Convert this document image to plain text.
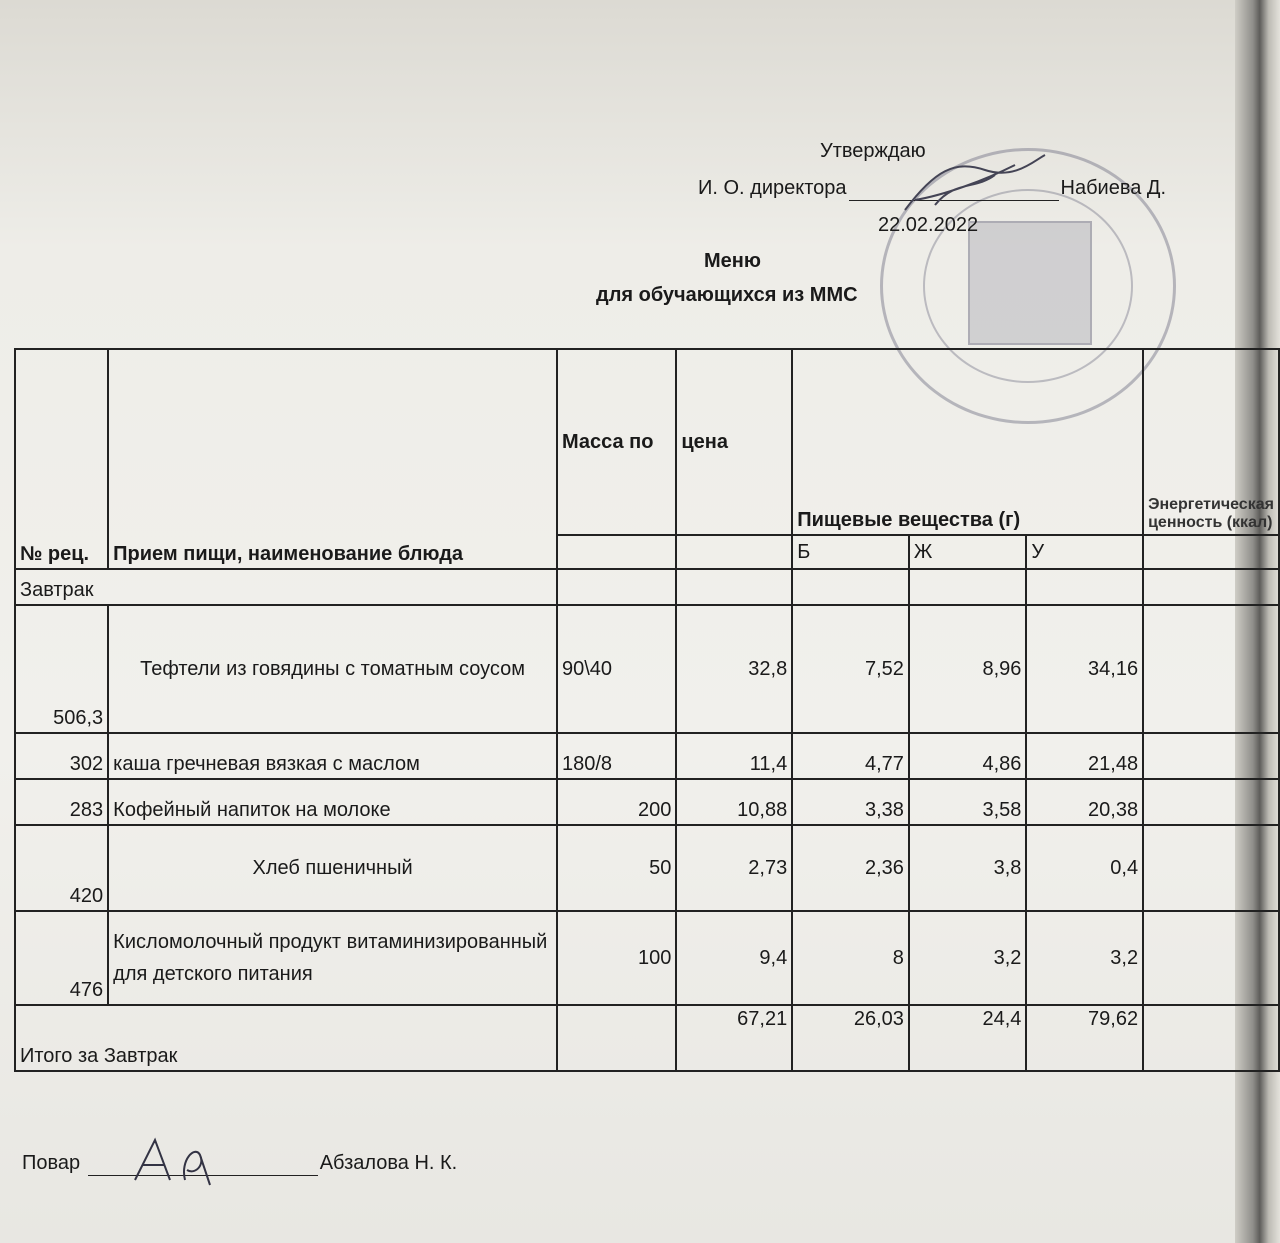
Утверждаю
И. О. директора	Набиева Д.
22.02.2022
Меню
для обучающихся из ММС
№ рец.	Прием пищи, наименование блюда	Масса по	цена	Пищевые вещества (г)			Энергетическая ценность (ккал)
				Б	Ж	У	
Завтрак							
506,3	Тефтели из говядины с томатным соусом	90\40	32,8	7,52	8,96	34,16	
302	каша гречневая вязкая с маслом	180/8	11,4	4,77	4,86	21,48	
283	Кофейный напиток на молоке	200	10,88	3,38	3,58	20,38	
420	Хлеб пшеничный	50	2,73	2,36	3,8	0,4	
476	Кисломолочный продукт витаминизированный для детского питания	100	9,4	8	3,2	3,2	
Итого за Завтрак			67,21	26,03	24,4	79,62	
Повар	Абзалова Н. К.
